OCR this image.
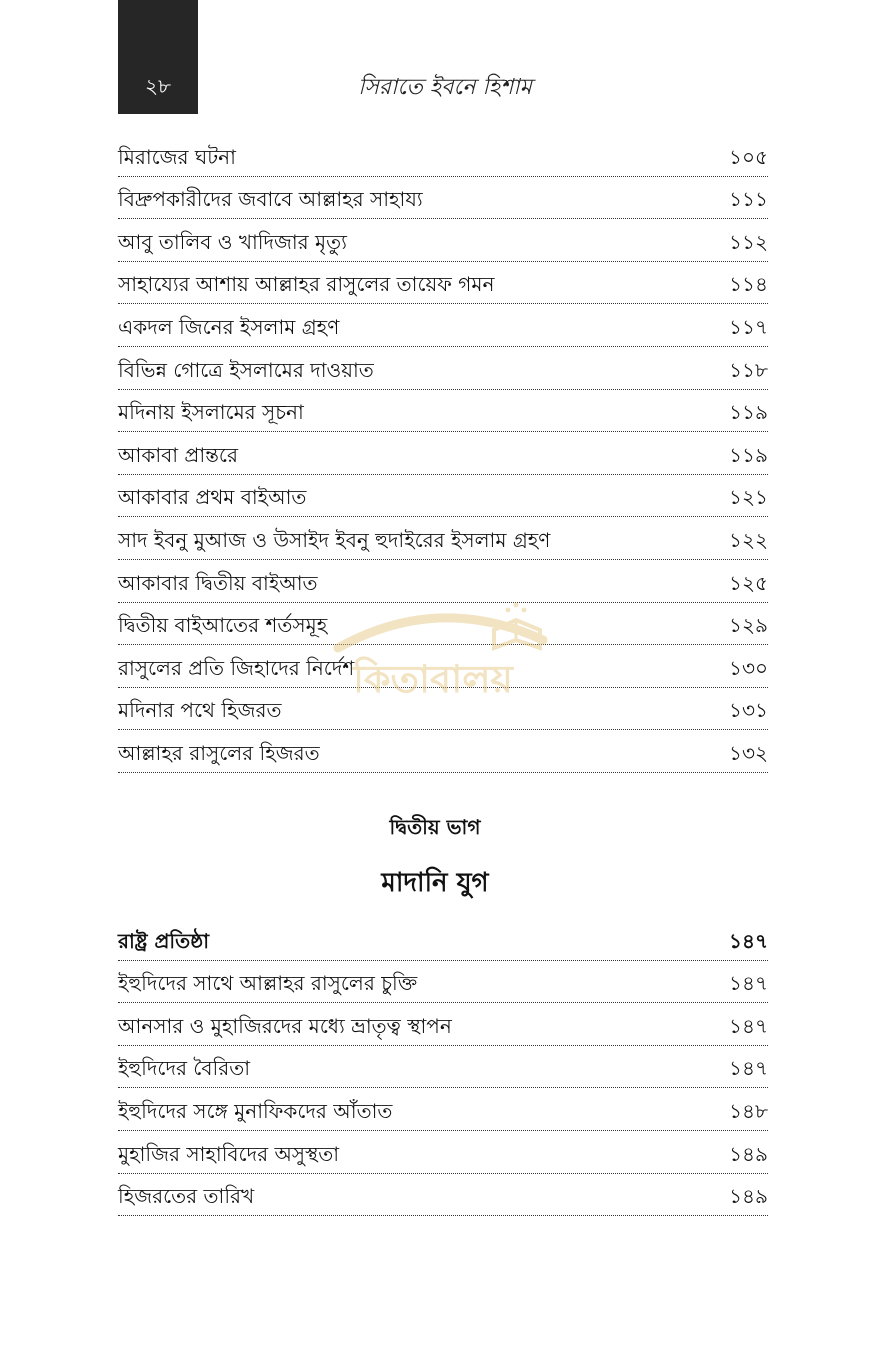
২৮	সিরাতে ইবনে হিশাম
মিরাজের ঘটনা	১০৫
বিদ্রুপকারীদের জবাবে আল্লাহর সাহায্য	১১১
আবু তালিব ও খাদিজার মৃত্যু	১১২
সাহায্যের আশায় আল্লাহর রাসুলের তায়েফ গমন	১১৪
একদল জিনের ইসলাম গ্রহণ	১১৭
বিভিন্ন গোত্রে ইসলামের দাওয়াত	১১৮
মদিনায় ইসলামের সূচনা	১১৯
আকাবা প্রান্তরে	১১৯
আকাবার প্রথম বাইআত	১২১
সাদ ইবনু মুআজ ও উসাইদ ইবনু হুদাইরের ইসলাম গ্রহণ	১২২
আকাবার দ্বিতীয় বাইআত	১২৫
দ্বিতীয় বাইআতের শর্তসমূহ	১২৯
রাসুলের প্রতি জিহাদের নির্দেশ	১৩০
মদিনার পথে হিজরত	১৩১
আল্লাহর রাসুলের হিজরত	১৩২
দ্বিতীয় ভাগ
মাদানি যুগ
রাষ্ট্র প্রতিষ্ঠা	১৪৭
ইহুদিদের সাথে আল্লাহর রাসুলের চুক্তি	১৪৭
আনসার ও মুহাজিরদের মধ্যে ভ্রাতৃত্ব স্থাপন	১৪৭
ইহুদিদের বৈরিতা	১৪৭
ইহুদিদের সঙ্গে মুনাফিকদের আঁতাত	১৪৮
মুহাজির সাহাবিদের অসুস্থতা	১৪৯
হিজরতের তারিখ	১৪৯
কিতাবালয়
